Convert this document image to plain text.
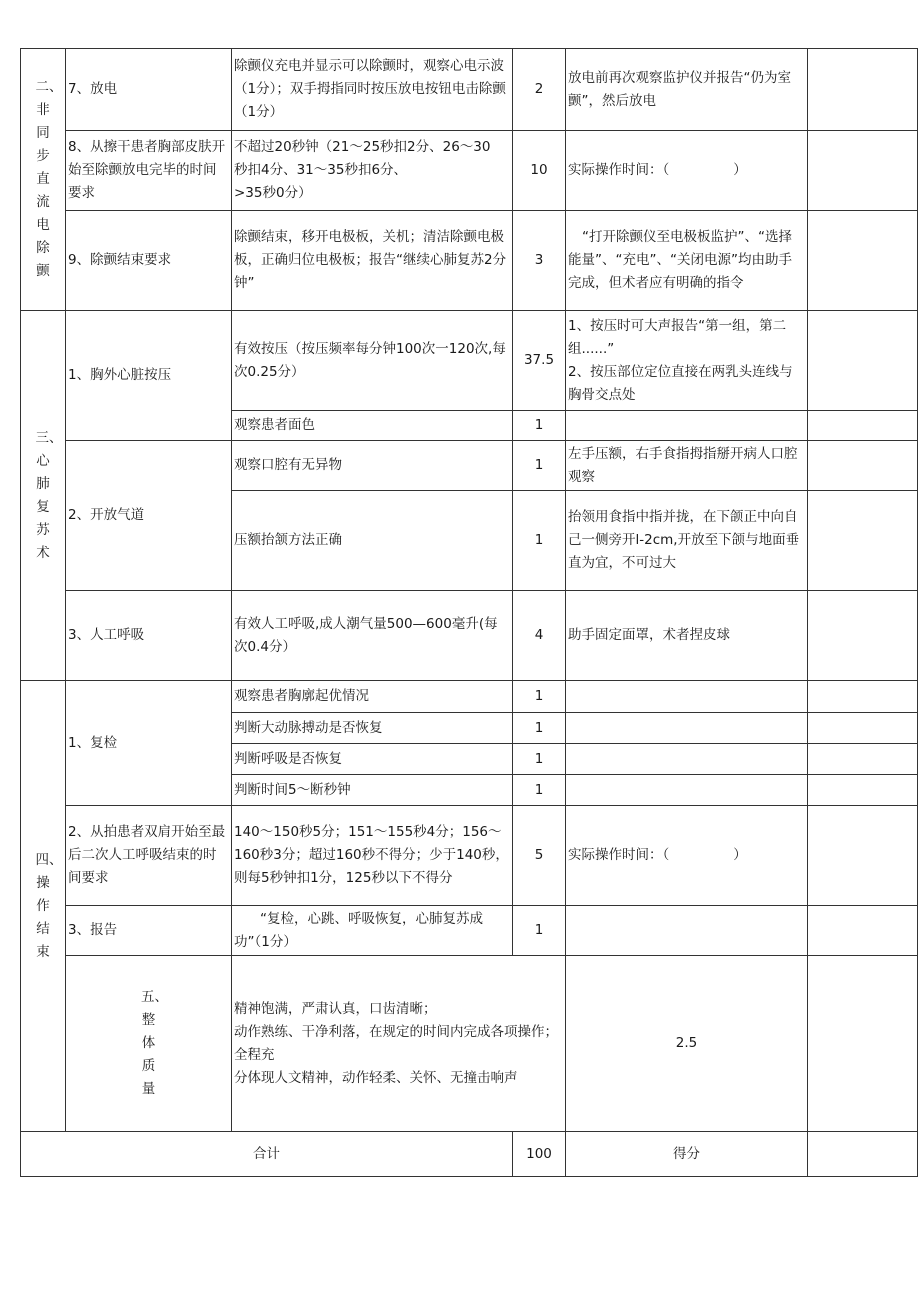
二、非同步直流电除颤	7、放电	除颤仪充电并显示可以除颤时，观察心电示波（1分）；双手拇指同时按压放电按钮电击除颤（1分）	2	放电前再次观察监护仪并报告“仍为室颤”，然后放电		
	8、从擦干患者胸部皮肤开始至除颤放电完毕的时间要求	不超过20秒钟（21～25秒扣2分、26～30
秒扣4分、31～35秒扣6分、
>35秒0分）	10	实际操作时间：（ ）		
	9、除颤结束要求	除颤结束，移开电极板，关机；清洁除颤电极板，正确归位电极板；报告“继续心肺复苏2分钟”	3	“打开除颤仪至电极板监护”、“选择能量”、“充电”、“关闭电源”均由助手完成，但术者应有明确的指令		
三、心肺复苏术	1、胸外心脏按压	有效按压（按压频率每分钟100次一120次,每次0.25分）	37.5	1、按压时可大声报告“第一组，第二组......”
2、按压部位定位直接在两乳头连线与胸骨交点处		

		观察患者面色	1			
	2、开放气道	观察口腔有无异物	1	左手压额，右手食指拇指掰开病人口腔观察		
		压额抬颔方法正确	1	抬领用食指中指并拢，在下颌正中向自己一侧旁开l-2cm,开放至下颌与地面垂直为宜，不可过大		
	3、人工呼吸	有效人工呼吸,成人潮气量500—600毫升(每次0.4分）	4	助手固定面罩，术者捏皮球		
四、操作结束	1、复检	观察患者胸廓起优情况	1			
		判断大动脉搏动是否恢复	1			
		判断呼吸是否恢复	1			
		判断时间5〜断秒钟	1			
	2、从拍患者双肩开始至最后二次人工呼吸结束的时间要求	140～150秒5分；151～155秒4分；156～160秒3分；超过160秒不得分；少于140秒，则每5秒钟扣1分，125秒以下不得分	5	实际操作时间：（ ）		
	3、报告	“复检，心跳、呼吸恢复，心肺复苏成功”（1分）	1			
	五、整体质量	精神饱满，严肃认真，口齿清晰；
动作熟练、干净利落，在规定的时间内完成各项操作；全程充
分体现人文精神，动作轻柔、关怀、无撞击响声		2.5		
合计			100	得分		
